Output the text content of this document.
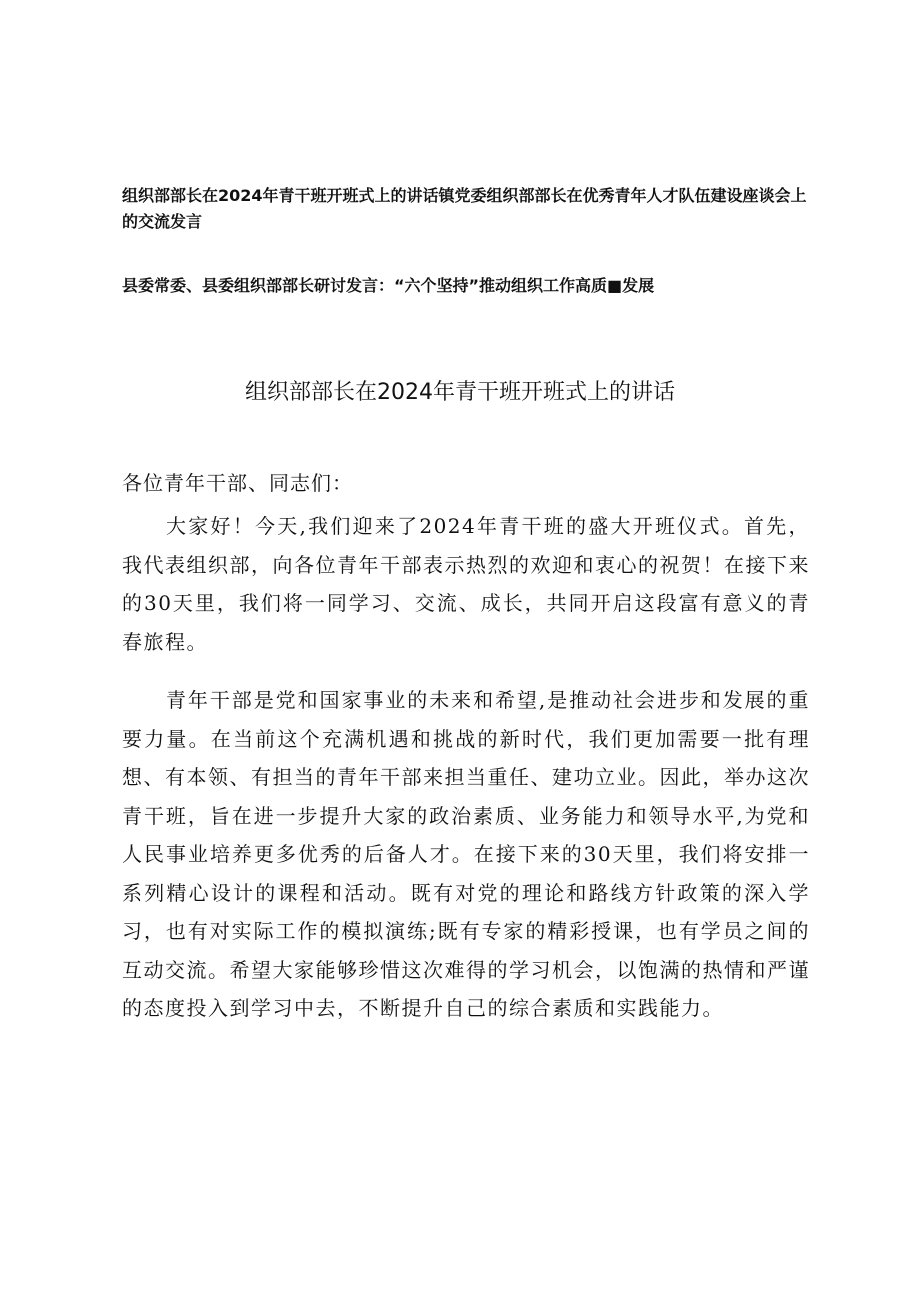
组织部部长在2024年青干班开班式上的讲话镇党委组织部部长在优秀青年人才队伍建设座谈会上的交流发言
县委常委、县委组织部部长研讨发言：“六个坚持”推动组织工作高质■发展
组织部部长在2024年青干班开班式上的讲话
各位青年干部、同志们：

大家好！今天,我们迎来了2024年青干班的盛大开班仪式。首先，我代表组织部，向各位青年干部表示热烈的欢迎和衷心的祝贺！在接下来的30天里，我们将一同学习、交流、成长，共同开启这段富有意义的青春旅程。

青年干部是党和国家事业的未来和希望,是推动社会进步和发展的重要力量。在当前这个充满机遇和挑战的新时代，我们更加需要一批有理想、有本领、有担当的青年干部来担当重任、建功立业。因此，举办这次青干班，旨在进一步提升大家的政治素质、业务能力和领导水平,为党和人民事业培养更多优秀的后备人才。在接下来的30天里，我们将安排一系列精心设计的课程和活动。既有对党的理论和路线方针政策的深入学习，也有对实际工作的模拟演练;既有专家的精彩授课，也有学员之间的互动交流。希望大家能够珍惜这次难得的学习机会，以饱满的热情和严谨的态度投入到学习中去，不断提升自己的综合素质和实践能力。
